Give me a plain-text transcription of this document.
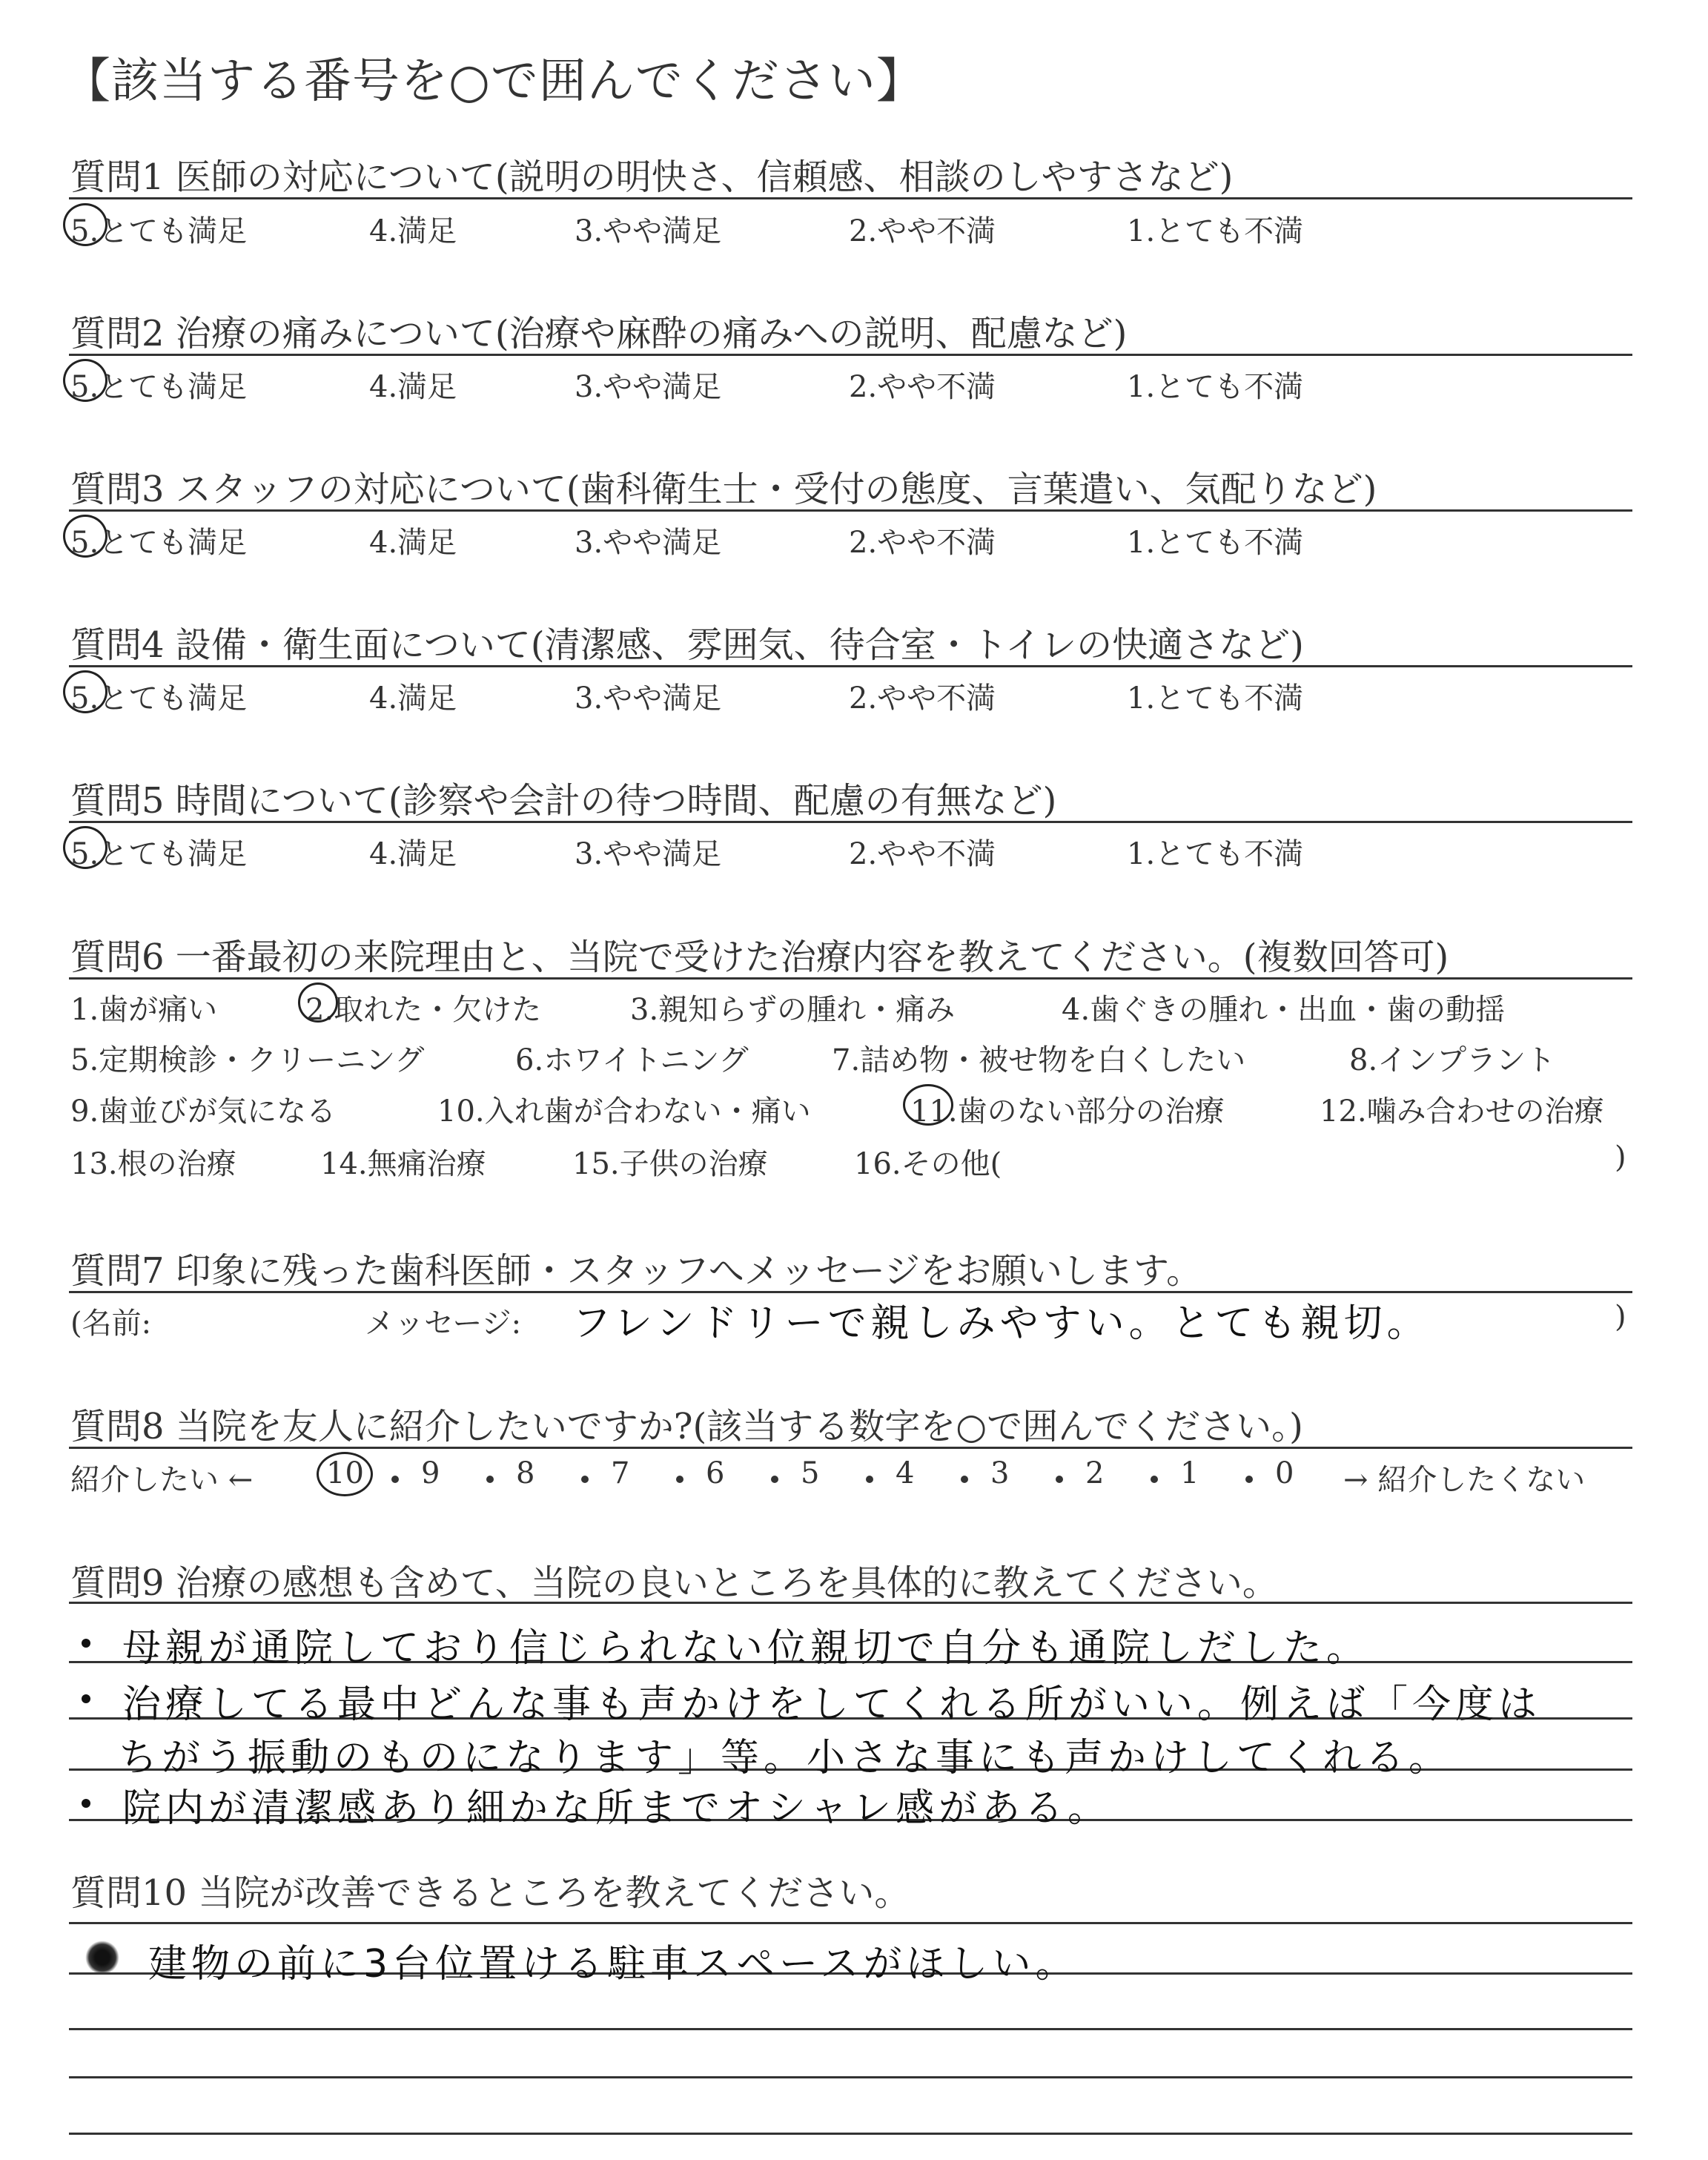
【該当する番号を○で囲んでください】
質問1 医師の対応について(説明の明快さ、信頼感、相談のしやすさなど)
質問2 治療の痛みについて(治療や麻酔の痛みへの説明、配慮など)
質問3 スタッフの対応について(歯科衛生士・受付の態度、言葉遣い、気配りなど)
質問4 設備・衛生面について(清潔感、雰囲気、待合室・トイレの快適さなど)
質問5 時間について(診察や会計の待つ時間、配慮の有無など)
5.とても満足	4.満足	3.やや満足	2.やや不満	1.とても不満
5.とても満足	4.満足	3.やや満足	2.やや不満	1.とても不満
5.とても満足	4.満足	3.やや満足	2.やや不満	1.とても不満
5.とても満足	4.満足	3.やや満足	2.やや不満	1.とても不満
5.とても満足	4.満足	3.やや満足	2.やや不満	1.とても不満
質問6 一番最初の来院理由と、当院で受けた治療内容を教えてください。(複数回答可)
1.歯が痛い	2.取れた・欠けた	3.親知らずの腫れ・痛み	4.歯ぐきの腫れ・出血・歯の動揺
5.定期検診・クリーニング	6.ホワイトニング	7.詰め物・被せ物を白くしたい	8.インプラント
9.歯並びが気になる	10.入れ歯が合わない・痛い	11.歯のない部分の治療	12.噛み合わせの治療
13.根の治療	14.無痛治療	15.子供の治療	16.その他(	)
質問7 印象に残った歯科医師・スタッフへメッセージをお願いします。
(名前:	メッセージ: フレンドリーで親しみやすい。とても親切。	)
質問8 当院を友人に紹介したいですか?(該当する数字を○で囲んでください。)
紹介したい ← 10 9	8	7	6	5	4	3	2	1	0 → 紹介したくない
質問9 治療の感想も含めて、当院の良いところを具体的に教えてください。
母親が通院しており信じられない位親切で自分も通院しだした。
治療してる最中どんな事も声かけをしてくれる所がいい。例えば「今度は
ちがう振動のものになります」等。小さな事にも声かけしてくれる。
院内が清潔感あり細かな所までオシャレ感がある。
質問10 当院が改善できるところを教えてください。
建物の前に3台位置ける駐車スペースがほしい。
